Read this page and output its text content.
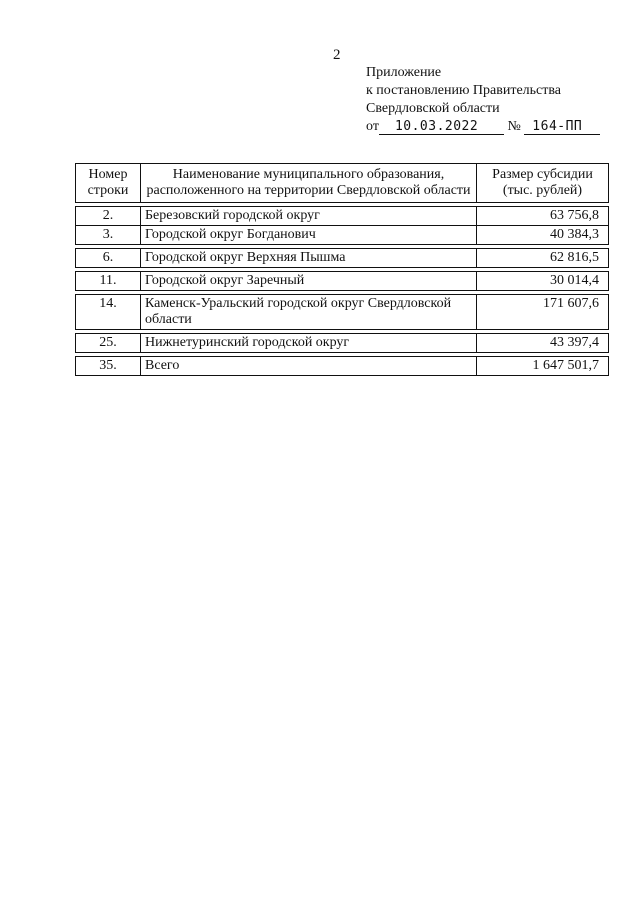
2
Приложение
к постановлению Правительства
Свердловской области
от 10.03.2022 № 164-ПП
Номер строки	Наименование муниципального образования, расположенного на территории Свердловской области	Размер субсидии (тыс. рублей)

2.	Березовский городской округ	63 756,8
3.	Городской округ Богданович	40 384,3

6.	Городской округ Верхняя Пышма	62 816,5

11.	Городской округ Заречный	30 014,4

14.	Каменск-Уральский городской округ Свердловской области	171 607,6

25.	Нижнетуринский городской округ	43 397,4

35.	Всего	1 647 501,7
